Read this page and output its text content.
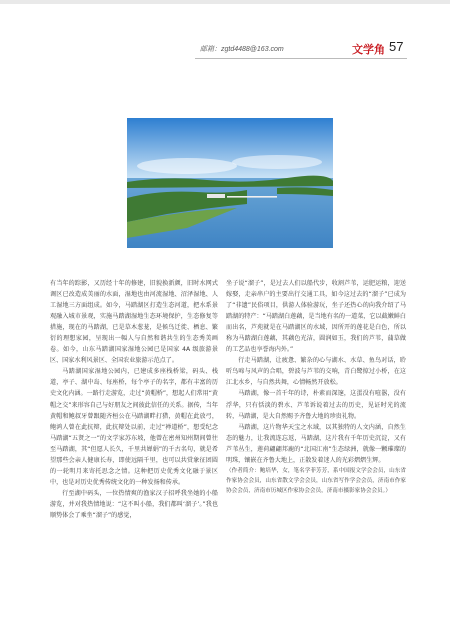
邮箱：zgtd4488@163.com	文学角 57

有当年的踪影，又历经十年的修建，旧貌换新颜，旧时水网式调区已改造成美丽的水面，湿地也由河流湿地、沼泽湿地、人工湿地三方面组成。如今，马踏湖区打造生态河道，把水系景观融入城市景观，实施马踏湖湿地生态环境保护，生态修复等措施，现在的马踏湖，已是草木葱茏，是候鸟迁徙、栖息、繁衍的理想家园，呈现出一幅人与自然和谐共生的生态秀美画卷。如今，山东马踏湖国家湿地公园已是国家 4A 级旅游景区、国家水利风景区、全国农业旅游示范点了。

马踏湖国家湿地公园内，已建成多座栈桥梁，码头、栈道，亭子、湖中岛、每座桥，每个亭子的名字，都有丰富的历史文化内涵。一路行走游览，走过“黄帽桥”，想起人们常用“黄帽之交”来形容自己与好朋友之间彼此信任的关系。据传，当年黄帽和鲍叔牙曾跟随齐桓公在马踏湖畔打猎，黄帽在此放弓，鲍鸿人曾在此抗辩，此抗辩处以前，走过“禅道桥”，想受纪念马踏湖“五贤之一”的文学家苏东坡，他曾在密州知州期间曾往至马踏湖，其“但愿人长久，千里共婵娟”的千古名句，就是希望那些会亲人健康长寿，即使远隔千里，也可以共赏象征团圆的一轮明月来寄托思念之情。这种把历史优秀文化融于景区中，也是对历史优秀传统文化的一种发扬和传承。

行至湖中码头，一位热情爽的渔家汉子招呼我坐她的小船游览，并对我热情地说：“这不叫小船，我们都叫‘溜子’。”我也顺势体会了乘坐“溜子”的感觉，

坐子说“溜子”，是过去人们以船代步，收割芦苇，运肥运粮，迎送嫁娶，走亲串户的主要出行交通工具，如今这过去的“溜子”已成为了“非遗”民俗项目，供游人体验游玩，坐子还热心的向我介绍了马踏湖的特产：“马踏湖白莲藕，是当地有名的一道菜，它以截嫩鲜白而出名，芦苑就是在马踏湖区的水域，因所开的莲花是白色，所以称为马踏湖白莲藕，其藕色光洁，圆润如玉，我们的芦苇，蒲草做的工艺品也享誉海内外。”

行走马踏湖，让疲惫、繁杂的心与湖水、水草、鱼鸟对话，聆听鸟啼与风声的合唱，碧波与芦苇的交响，青白鹭掠过小桥，在这江北水乡，与自然共舞，心情畅然开放松。

马踏湖，像一首千年的诗，朴素而深邃，这蛋没有喧嚣，没有浮华，只有恬淡的碧水、芦苇诉说着过去的历史，见证时光的流转，马踏湖，是大自然赐予齐鲁大地的珍贵礼物。

马踏湖，这片物华天宝之水域，以其独特的人文内涵，自然生态的魅力，让我流连忘返，马踏湖，这片我有千年历史沉淀，又有芦苇丛生，莲荷翩翩邦鹿的“北国江南”生态绿洲，就像一颗璀璨的明珠，镶嵌在齐鲁大地上，正散发着迷人的光彩熠熠生辉。

（作者简介：鲍培华，女，笔名学菲芳芳，系中国报文学会会员，山东省作家协会会员，山东省散文学会会员，山东省写作学会会员，济南市作家协会会员，济南市历城区作家协会会员，济南市摄影家协会会员。）
